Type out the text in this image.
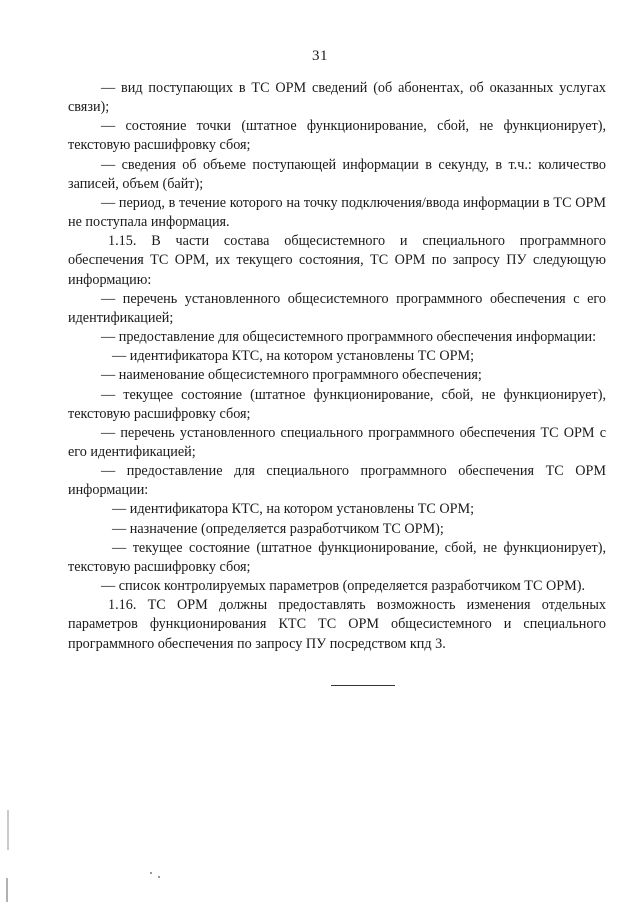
31

— вид поступающих в ТС ОРМ сведений (об абонентах, об оказанных услугах связи);

— состояние точки (штатное функционирование, сбой, не функционирует), текстовую расшифровку сбоя;

— сведения об объеме поступающей информации в секунду, в т.ч.: количество записей, объем (байт);

— период, в течение которого на точку подключения/ввода информации в ТС ОРМ не поступала информация.

1.15. В части состава общесистемного и специального программного обеспечения ТС ОРМ, их текущего состояния, ТС ОРМ по запросу ПУ следующую информацию:

— перечень установленного общесистемного программного обеспечения с его идентификацией;

— предоставление для общесистемного программного обеспечения информации:

— идентификатора КТС, на котором установлены ТС ОРМ;

— наименование общесистемного программного обеспечения;

— текущее состояние (штатное функционирование, сбой, не функционирует), текстовую расшифровку сбоя;

— перечень установленного специального программного обеспечения ТС ОРМ с его идентификацией;

— предоставление для специального программного обеспечения ТС ОРМ информации:

— идентификатора КТС, на котором установлены ТС ОРМ;

— назначение (определяется разработчиком ТС ОРМ);

— текущее состояние (штатное функционирование, сбой, не функционирует), текстовую расшифровку сбоя;

— список контролируемых параметров (определяется разработчиком ТС ОРМ).

1.16. ТС ОРМ должны предоставлять возможность изменения отдельных параметров функционирования КТС ТС ОРМ общесистемного и специального программного обеспечения по запросу ПУ посредством кпд 3.
